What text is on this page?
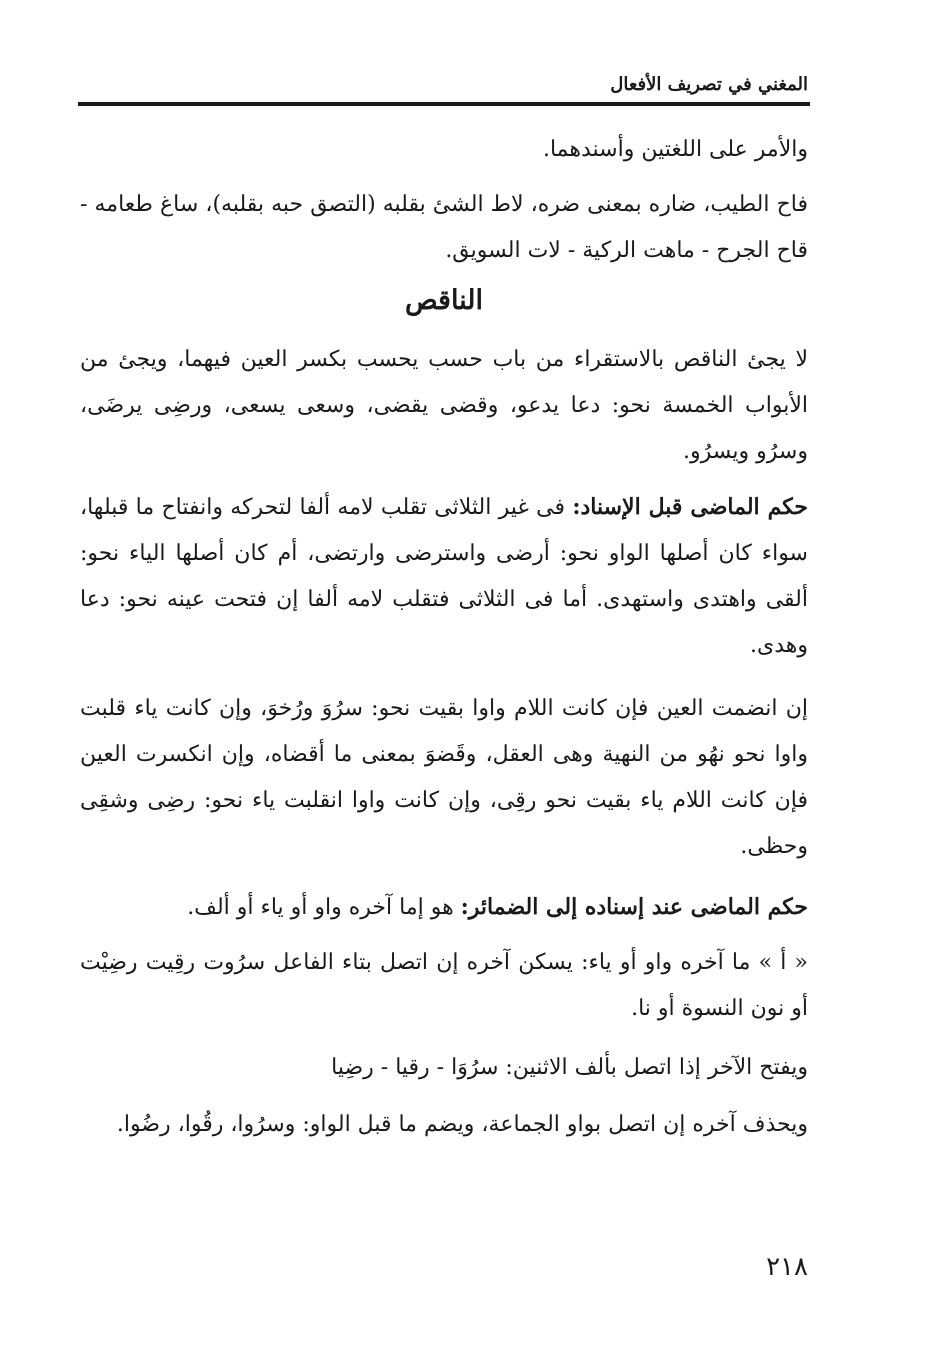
المغني في تصريف الأفعال

والأمر على اللغتين وأسندهما.

فاح الطيب، ضاره بمعنى ضره، لاط الشئ بقلبه (التصق حبه بقلبه)، ساغ طعامه - قاح الجرح - ماهت الركية - لات السويق.

الناقص

لا يجئ الناقص بالاستقراء من باب حسب يحسب بكسر العين فيهما، ويجئ من الأبواب الخمسة نحو: دعا يدعو، وقضى يقضى، وسعى يسعى، ورضِى يرضَى، وسرُو ويسرُو.

حكم الماضى قبل الإسناد: فى غير الثلاثى تقلب لامه ألفا لتحركه وانفتاح ما قبلها، سواء كان أصلها الواو نحو: أرضى واسترضى وارتضى، أم كان أصلها الياء نحو: ألقى واهتدى واستهدى. أما فى الثلاثى فتقلب لامه ألفا إن فتحت عينه نحو: دعا وهدى.

إن انضمت العين فإن كانت اللام واوا بقيت نحو: سرُوَ ورُخوَ، وإن كانت ياء قلبت واوا نحو نهُو من النهية وهى العقل، وقَضوَ بمعنى ما أقضاه، وإن انكسرت العين فإن كانت اللام ياء بقيت نحو رقِى، وإن كانت واوا انقلبت ياء نحو: رضِى وشقِى وحظى.

حكم الماضى عند إسناده إلى الضمائر: هو إما آخره واو أو ياء أو ألف.

« أ » ما آخره واو أو ياء: يسكن آخره إن اتصل بتاء الفاعل سرُوت رقِيت رضِيْت أو نون النسوة أو نا.

ويفتح الآخر إذا اتصل بألف الاثنين: سرُوَا - رقيا - رضِيا

ويحذف آخره إن اتصل بواو الجماعة، ويضم ما قبل الواو: وسرُوا، رقُوا، رضُوا.

٢١٨
